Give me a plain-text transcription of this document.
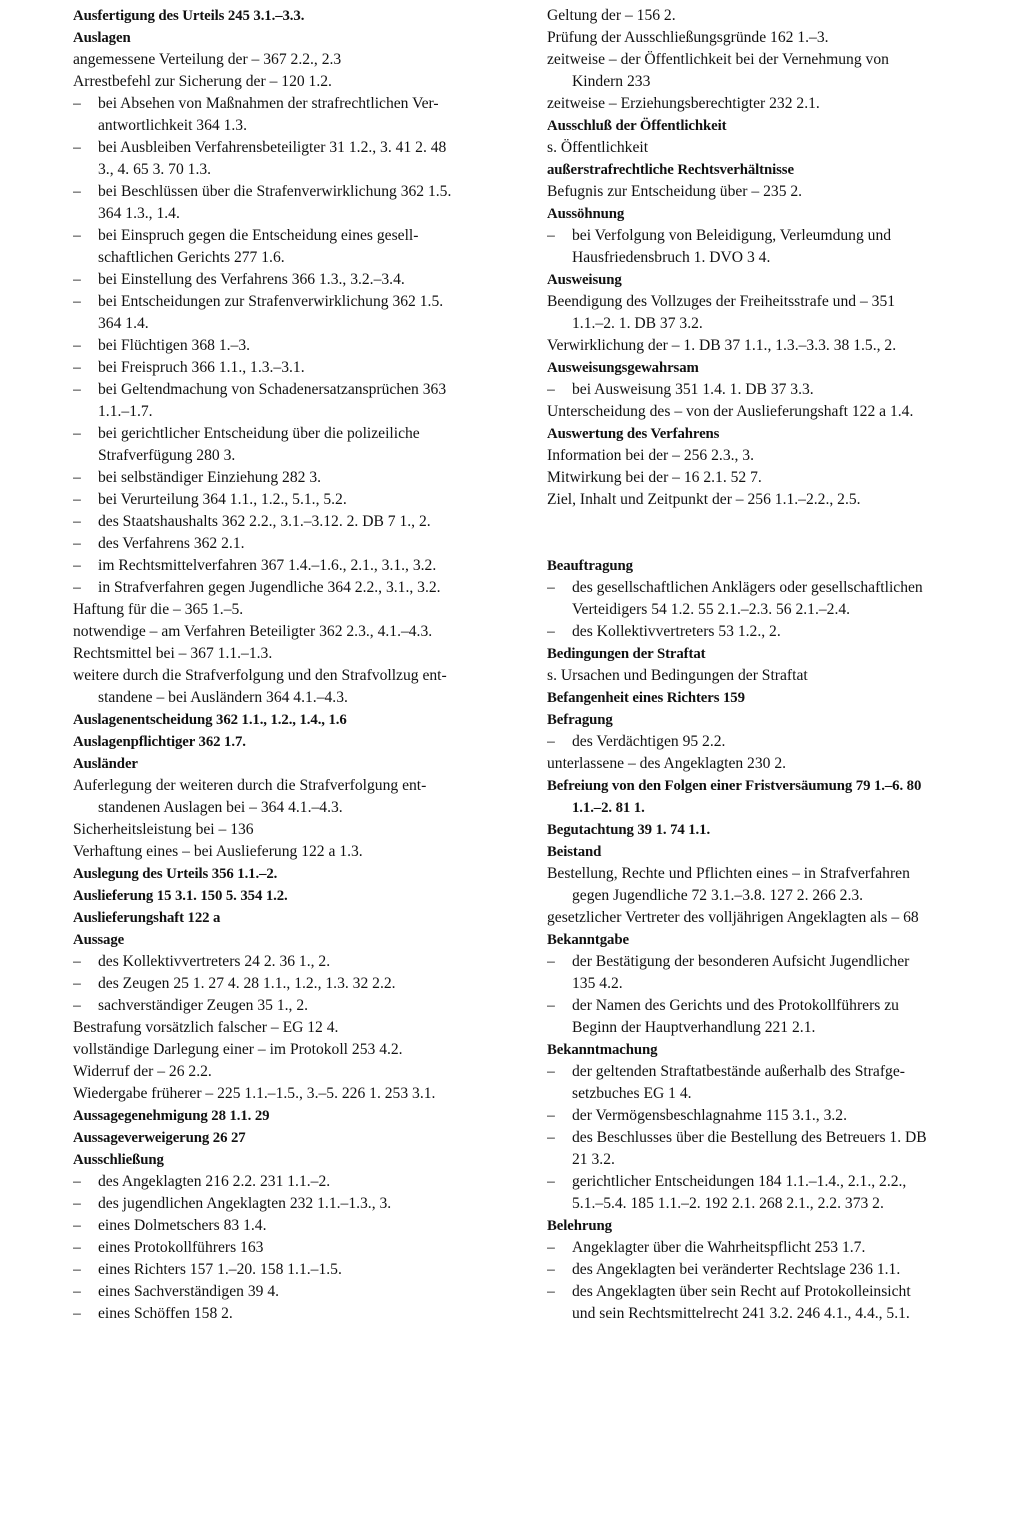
Ausfertigung des Urteils 245 3.1.–3.3.
Auslagen
angemessene Verteilung der – 367 2.2., 2.3
Arrestbefehl zur Sicherung der – 120 1.2.
– bei Absehen von Maßnahmen der strafrechtlichen Ver-
antwortlichkeit 364 1.3.
– bei Ausbleiben Verfahrensbeteiligter 31 1.2., 3. 41 2. 48
3., 4. 65 3. 70 1.3.
– bei Beschlüssen über die Strafenverwirklichung 362 1.5.
364 1.3., 1.4.
– bei Einspruch gegen die Entscheidung eines gesell-
schaftlichen Gerichts 277 1.6.
– bei Einstellung des Verfahrens 366 1.3., 3.2.–3.4.
– bei Entscheidungen zur Strafenverwirklichung 362 1.5.
364 1.4.
– bei Flüchtigen 368 1.–3.
– bei Freispruch 366 1.1., 1.3.–3.1.
– bei Geltendmachung von Schadenersatzansprüchen 363
1.1.–1.7.
– bei gerichtlicher Entscheidung über die polizeiliche
Strafverfügung 280 3.
– bei selbständiger Einziehung 282 3.
– bei Verurteilung 364 1.1., 1.2., 5.1., 5.2.
– des Staatshaushalts 362 2.2., 3.1.–3.12. 2. DB 7 1., 2.
– des Verfahrens 362 2.1.
– im Rechtsmittelverfahren 367 1.4.–1.6., 2.1., 3.1., 3.2.
– in Strafverfahren gegen Jugendliche 364 2.2., 3.1., 3.2.
Haftung für die – 365 1.–5.
notwendige – am Verfahren Beteiligter 362 2.3., 4.1.–4.3.
Rechtsmittel bei – 367 1.1.–1.3.
weitere durch die Strafverfolgung und den Strafvollzug ent-
standene – bei Ausländern 364 4.1.–4.3.
Auslagenentscheidung 362 1.1., 1.2., 1.4., 1.6
Auslagenpflichtiger 362 1.7.
Ausländer
Auferlegung der weiteren durch die Strafverfolgung ent-
standenen Auslagen bei – 364 4.1.–4.3.
Sicherheitsleistung bei – 136
Verhaftung eines – bei Auslieferung 122 a 1.3.
Auslegung des Urteils 356 1.1.–2.
Auslieferung 15 3.1. 150 5. 354 1.2.
Auslieferungshaft 122 a
Aussage
– des Kollektivvertreters 24 2. 36 1., 2.
– des Zeugen 25 1. 27 4. 28 1.1., 1.2., 1.3. 32 2.2.
– sachverständiger Zeugen 35 1., 2.
Bestrafung vorsätzlich falscher – EG 12 4.
vollständige Darlegung einer – im Protokoll 253 4.2.
Widerruf der – 26 2.2.
Wiedergabe früherer – 225 1.1.–1.5., 3.–5. 226 1. 253 3.1.
Aussagegenehmigung 28 1.1. 29
Aussageverweigerung 26 27
Ausschließung
– des Angeklagten 216 2.2. 231 1.1.–2.
– des jugendlichen Angeklagten 232 1.1.–1.3., 3.
– eines Dolmetschers 83 1.4.
– eines Protokollführers 163
– eines Richters 157 1.–20. 158 1.1.–1.5.
– eines Sachverständigen 39 4.
– eines Schöffen 158 2.
Geltung der – 156 2.
Prüfung der Ausschließungsgründe 162 1.–3.
zeitweise – der Öffentlichkeit bei der Vernehmung von
Kindern 233
zeitweise – Erziehungsberechtigter 232 2.1.
Ausschluß der Öffentlichkeit
s. Öffentlichkeit
außerstrafrechtliche Rechtsverhältnisse
Befugnis zur Entscheidung über – 235 2.
Aussöhnung
– bei Verfolgung von Beleidigung, Verleumdung und
Hausfriedensbruch 1. DVO 3 4.
Ausweisung
Beendigung des Vollzuges der Freiheitsstrafe und – 351
1.1.–2. 1. DB 37 3.2.
Verwirklichung der – 1. DB 37 1.1., 1.3.–3.3. 38 1.5., 2.
Ausweisungsgewahrsam
– bei Ausweisung 351 1.4. 1. DB 37 3.3.
Unterscheidung des – von der Auslieferungshaft 122 a 1.4.
Auswertung des Verfahrens
Information bei der – 256 2.3., 3.
Mitwirkung bei der – 16 2.1. 52 7.
Ziel, Inhalt und Zeitpunkt der – 256 1.1.–2.2., 2.5.
Beauftragung
– des gesellschaftlichen Anklägers oder gesellschaftlichen
Verteidigers 54 1.2. 55 2.1.–2.3. 56 2.1.–2.4.
– des Kollektivvertreters 53 1.2., 2.
Bedingungen der Straftat
s. Ursachen und Bedingungen der Straftat
Befangenheit eines Richters 159
Befragung
– des Verdächtigen 95 2.2.
unterlassene – des Angeklagten 230 2.
Befreiung von den Folgen einer Fristversäumung 79 1.–6. 80
1.1.–2. 81 1.
Begutachtung 39 1. 74 1.1.
Beistand
Bestellung, Rechte und Pflichten eines – in Strafverfahren
gegen Jugendliche 72 3.1.–3.8. 127 2. 266 2.3.
gesetzlicher Vertreter des volljährigen Angeklagten als – 68
Bekanntgabe
– der Bestätigung der besonderen Aufsicht Jugendlicher
135 4.2.
– der Namen des Gerichts und des Protokollführers zu
Beginn der Hauptverhandlung 221 2.1.
Bekanntmachung
– der geltenden Straftatbestände außerhalb des Strafge-
setzbuches EG 1 4.
– der Vermögensbeschlagnahme 115 3.1., 3.2.
– des Beschlusses über die Bestellung des Betreuers 1. DB
21 3.2.
– gerichtlicher Entscheidungen 184 1.1.–1.4., 2.1., 2.2.,
5.1.–5.4. 185 1.1.–2. 192 2.1. 268 2.1., 2.2. 373 2.
Belehrung
– Angeklagter über die Wahrheitspflicht 253 1.7.
– des Angeklagten bei veränderter Rechtslage 236 1.1.
– des Angeklagten über sein Recht auf Protokolleinsicht
und sein Rechtsmittelrecht 241 3.2. 246 4.1., 4.4., 5.1.
